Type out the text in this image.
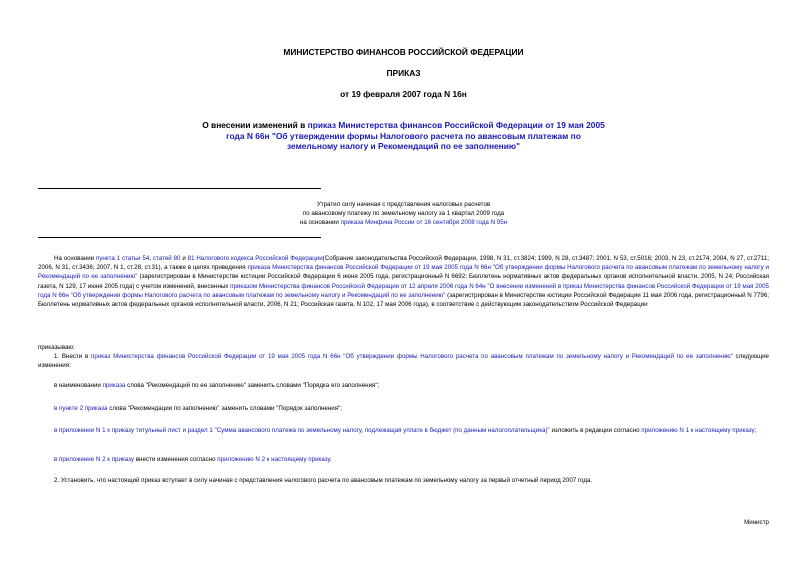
МИНИСТЕРСТВО ФИНАНСОВ РОССИЙСКОЙ ФЕДЕРАЦИИ
ПРИКАЗ
от 19 февраля 2007 года N 16н
О внесении изменений в приказ Министерства финансов Российской Федерации от 19 мая 2005 года N 66н "Об утверждении формы Налогового расчета по авансовым платежам по земельному налогу и Рекомендаций по ее заполнению"
Утратил силу начиная с представления налоговых расчетов
по авансовому платежу по земельному налогу за 1 квартал 2009 года
на основании приказа Минфина России от 16 сентября 2008 года N 95н

На основании пункта 1 статьи 54, статей 80 и 81 Налогового кодекса Российской Федерации(Собрание законодательства Российской Федерации, 1998, N 31, ст.3824; 1999, N 28, ст.3487; 2001, N 53, ст.5016; 2003, N 23, ст.2174; 2004, N 27, ст.2711; 2006, N 31, ст.3436; 2007, N 1, ст.28, ст.31), а также в целях приведения приказа Министерства финансов Российской Федерации от 19 мая 2005 года N 66н "Об утверждении формы Налогового расчета по авансовым платежам по земельному налогу и Рекомендаций по ее заполнению" (зарегистрирован в Министерстве юстиции Российской Федерации 6 июня 2005 года, регистрационный N 6692; Бюллетень нормативных актов федеральных органов исполнительной власти, 2005, N 24; Российская газета, N 129, 17 июня 2005 года) с учетом изменений, внесенных приказом Министерства финансов Российской Федерации от 12 апреля 2006 года N 64н "О внесении изменений в приказ Министерства финансов Российской Федерации от 19 мая 2005 года N 66н "Об утверждении формы Налогового расчета по авансовым платежам по земельному налогу и Рекомендаций по ее заполнению" (зарегистрирован в Министерстве юстиции Российской Федерации 11 мая 2006 года, регистрационный N 7796; Бюллетень нормативных актов федеральных органов исполнительной власти, 2006, N 21; Российская газета, N 102, 17 мая 2006 года), в соответствие с действующим законодательством Российской Федерации

приказываю:

1. Внести в приказ Министерства финансов Российской Федерации от 19 мая 2005 года N 66н "Об утверждении формы Налогового расчета по авансовым платежам по земельному налогу и Рекомендаций по ее заполнению" следующие изменения:

в наименовании приказа слова "Рекомендаций по ее заполнению" заменить словами "Порядка его заполнения";

в пункте 2 приказа слова "Рекомендации по заполнению" заменить словами "Порядок заполнения";

в приложении N 1 к приказу титульный лист и раздел 1 "Сумма авансового платежа по земельному налогу, подлежащая уплате в бюджет (по данным налогоплательщика)" изложить в редакции согласно приложению N 1 к настоящему приказу;

в приложение N 2 к приказу внести изменения согласно приложению N 2 к настоящему приказу.

2. Установить, что настоящий приказ вступает в силу начиная с представления налогового расчета по авансовым платежам по земельному налогу за первый отчетный период 2007 года.

Министр
